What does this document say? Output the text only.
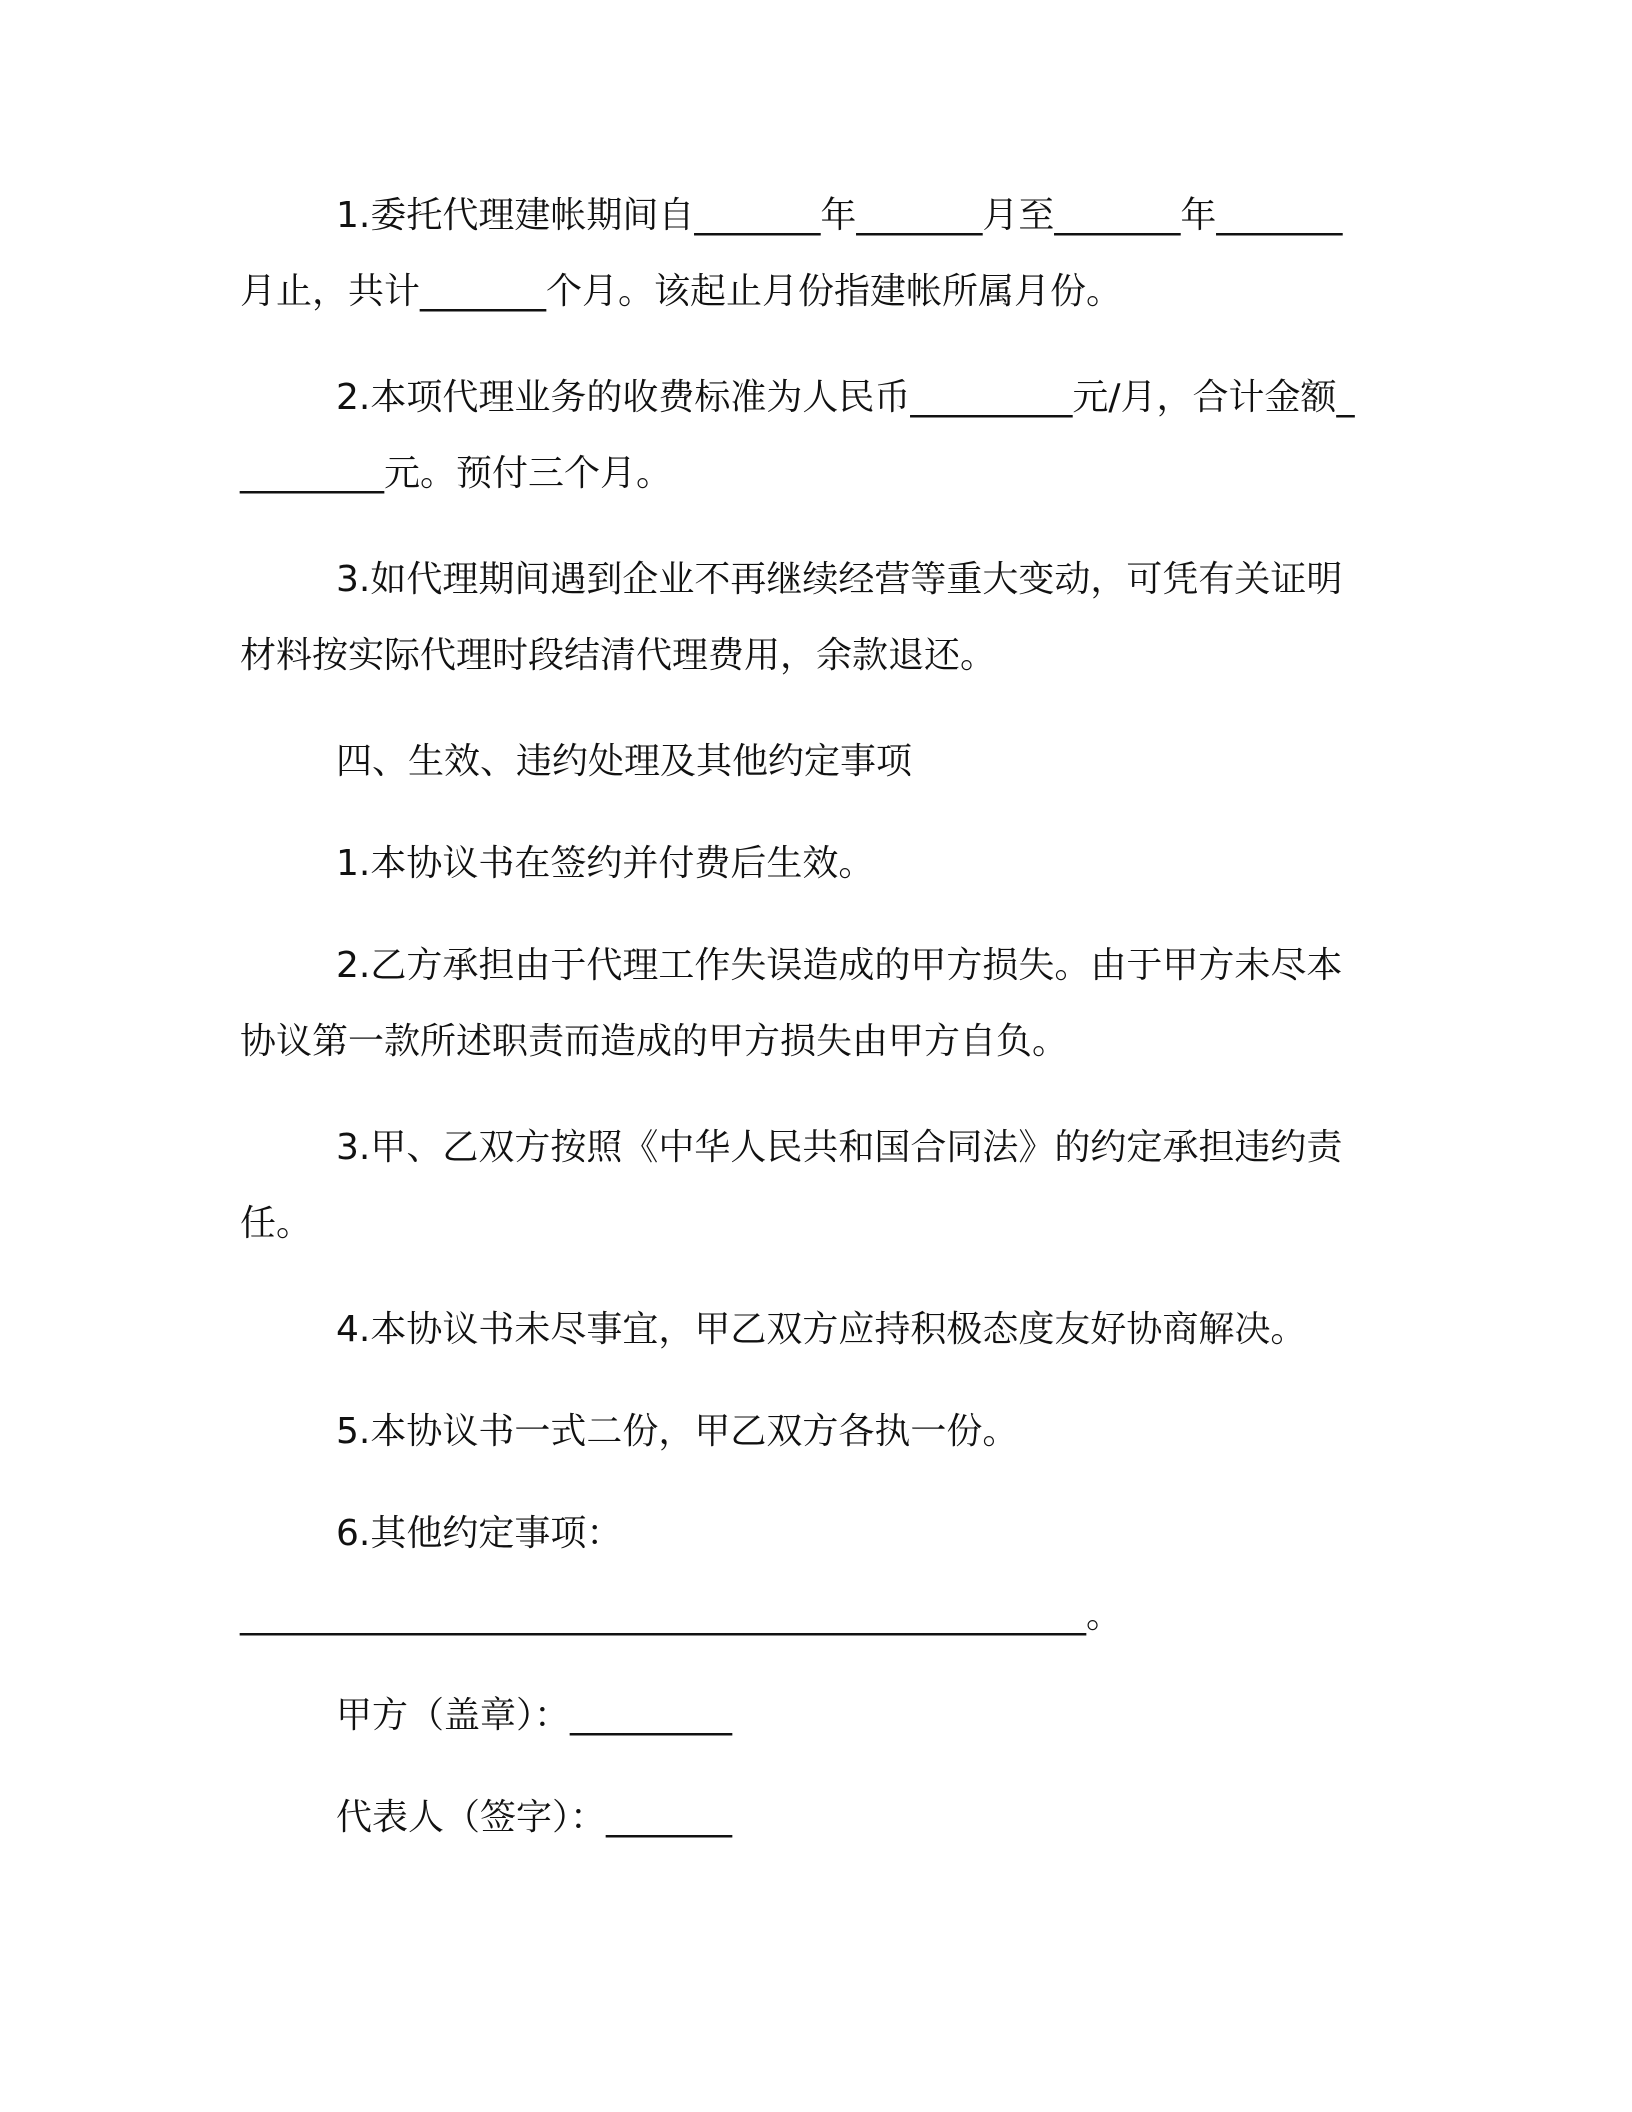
1.委托代理建帐期间自_______年_______月至_______年_______月止，共计_______个月。该起止月份指建帐所属月份。

2.本项代理业务的收费标准为人民币_________元/月，合计金额_________元。预付三个月。

3.如代理期间遇到企业不再继续经营等重大变动，可凭有关证明材料按实际代理时段结清代理费用，余款退还。

四、生效、违约处理及其他约定事项

1.本协议书在签约并付费后生效。

2.乙方承担由于代理工作失误造成的甲方损失。由于甲方未尽本协议第一款所述职责而造成的甲方损失由甲方自负。

3.甲、乙双方按照《中华人民共和国合同法》的约定承担违约责任。

4.本协议书未尽事宜，甲乙双方应持积极态度友好协商解决。

5.本协议书一式二份，甲乙双方各执一份。

6.其他约定事项：

_______________________________________________。

甲方（盖章）：_________

代表人（签字）：_______
